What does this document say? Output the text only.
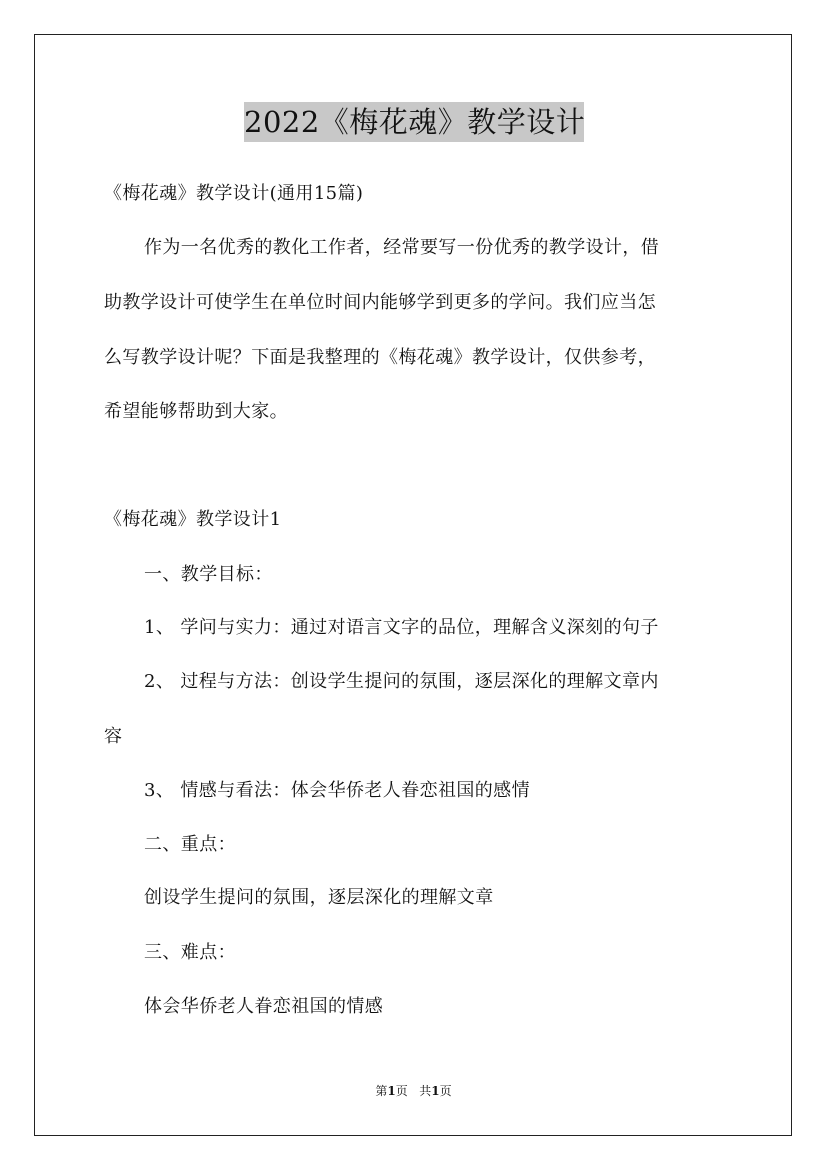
2022《梅花魂》教学设计
《梅花魂》教学设计(通用15篇)
作为一名优秀的教化工作者，经常要写一份优秀的教学设计，借
助教学设计可使学生在单位时间内能够学到更多的学问。我们应当怎
么写教学设计呢？下面是我整理的《梅花魂》教学设计，仅供参考，
希望能够帮助到大家。
《梅花魂》教学设计1
一、教学目标：
1、 学问与实力：通过对语言文字的品位，理解含义深刻的句子
2、 过程与方法：创设学生提问的氛围，逐层深化的理解文章内
容
3、 情感与看法：体会华侨老人眷恋祖国的感情
二、重点：
创设学生提问的氛围，逐层深化的理解文章
三、难点：
体会华侨老人眷恋祖国的情感
第1页 共1页
